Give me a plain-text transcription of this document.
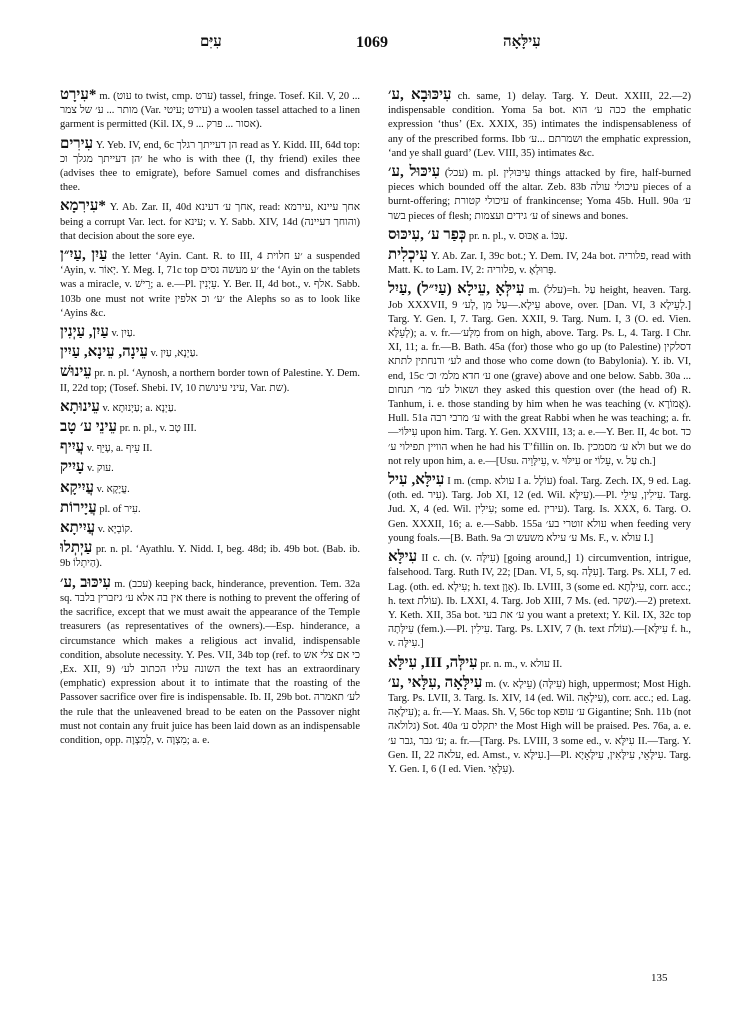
עִיִּם	1069	עִילָּאָה

*עִירָט m. (עוט to twist, cmp. ערט) tassel, fringe. Tosef. Kil. V, 20 ... מותר ... ע׳ של צמר (Var. עירט ;עיטי) a woolen tassel attached to a linen garment is permitted (Kil. IX, 9 ... אסור ... פרק).

עִירִים Y. Yeb. IV, end, 6c הן דעייתך רגלך read as Y. Kidd. III, 64d top: ׳הן דעייתך מגלך וכ he who is with thee (I, thy friend) exiles thee (advises thee to emigrate), before Samuel comes and disfranchises thee.

*עִירִמָא Y. Ab. Zar. II, 40d אחך ע׳ דעינא, read: אחך עיינא ,עירמא being a corrupt Var. lect. for עינא; v. Y. Sabb. XIV, 14d (והוחך דעיינה) that decision about the sore eye.

עַיִן ,עַיִ״ן the letter ‘Ayin. Cant. R. to III, 4 ׳ע חלוית a suspended ‘Ayin, v. יְאוֹר. Y. Meg. I, 71c top ׳ע מעשה נסים the ‘Ayin on the tablets was a miracle, v. רֵישׁ; a. e.—Pl. עֵיְנִין. Y. Ber. II, 4d bot., v. אלף. Sabb. 103b one must not write ׳ע׳ וכ אלפין the Alephs so as to look like ‘Ayins &c.

עַיִן, עַיְנִין v. עַיִן.

עֵינָה, עֵינָא, עַיִין v. עַיְנָא, עַיִן.

עֵינוּשׁ pr. n. pl. ‘Aynosh, a northern border town of Palestine. Y. Dem. II, 22d top; (Tosef. Shebi. IV, 10 עיני עינושת, Var. שת).

עֵינוּתָא v. עַיְנוּתָא; a. עַיְנָא.

עֵינֵי ע׳ טָב pr. n. pl., v. טָב III.

עֲיִיף v. עָיֵף, a. עֵיף II.

עָיִיק v. עוק.

עֲיִיקָא v. עֲיָקָא.

עֲיָירוֹת pl. of עִיר.

עֲיִיתָא v. קוֹבְיָא.

עַיְתְלוּ pr. n. pl. ‘Ayathlu. Y. Nidd. I, beg. 48d; ib. 49b bot. (Bab. ib. 9b הַיתְלוֹ).

עִיכּוּב ,ע׳ m. (עכב) keeping back, hinderance, prevention. Tem. 32a sq. אין בה אלא ע׳ גיזברין בלבד there is nothing to prevent the offering of the sacrifice, except that we must await the appearance of the Temple treasurers (as representatives of the owners).—Esp. hinderance, a circumstance which makes a religious act invalid, indispensable condition, absolute necessity. Y. Pes. VII, 34b top (ref. to כי אם צלי אש ,Ex. XII, 9) השונה עליו הכתוב לע׳ the text has an extraordinary (emphatic) expression about it to intimate that the roasting of the Passover sacrifice over fire is indispensable. Ib. II, 29b bot. לע׳ תאמרה the rule that the unleavened bread to be eaten on the Passover night must not contain any fruit juice has been laid down as an indispensable condition, opp. לְמִצְוָה, v. מִצְוָה; a. e.

עִיכּוּבָא ,ע׳ ch. same, 1) delay. Targ. Y. Deut. XXIII, 22.—2) indispensable condition. Yoma 5a bot. ככה ע׳ הוא the emphatic expression ‘thus’ (Ex. XXIX, 35) intimates the indispensableness of any of the prescribed forms. Ibb ושמרתם ...ע׳ the emphatic expression, ‘and ye shall guard’ (Lev. VIII, 35) intimates &c.

עִיכּוּל ,ע׳ (עכל) m. pl. עִיכּוּלִין things attacked by fire, half-burned pieces which bounded off the altar. Zeb. 83b עיכולי עולה pieces of a burnt-offering; עיכולי קטורת of frankincense; Yoma 45b. Hull. 90a ע׳ בשר pieces of flesh; ע׳ גידים ועצמות of sinews and bones.

כְּפַר ע׳ ,עִיכּוּס pr. n. pl., v. אַכּוּס a. עַכּוֹ.

עִיכְלִית Y. Ab. Zar. I, 39c bot.; Y. Dem. IV, 24a bot. פלוריה, read with Matt. K. to Lam. IV, 2: פלוריה, v. פְּרוּלְאָ.

עִילְּאָ ,עֵילָא (עַיִ״ל) ,עַיִל m. (עלל)=h. עַל height, heaven. Targ. Job XXXVII, 9 עֵילָא.—עַל מִן ,לְע׳ above, over. [Dan. VI, 3 לְעֵילָא.] Targ. Y. Gen. I, 7. Targ. Gen. XXII, 9. Targ. Num. I, 3 (O. ed. Vien. לְעֵלָּא); a. v. fr.—מִלְּע׳ from on high, above. Targ. Ps. L, 4. Targ. I Chr. XI, 11; a. fr.—B. Bath. 45a (for) those who go up (to Palestine) דסלקין לע׳ ודנחתין לתתא and those who come down (to Babylonia). Y. ib. VI, end, 15c ע׳ חדא מלמ׳ וכ׳ one (grave) above and one below. Sabb. 30a ... ושאול לע׳ מר׳ תנחום they asked this question over (the head of) R. Tanhum, i. e. those standing by him when he was teaching (v. אֲמוֹרָא). Hull. 51a ע׳ מרבי רבה with the great Rabbi when he was teaching; a. fr.—עִילּוֹי upon him. Targ. Y. Gen. XXVIII, 13; a. e.—Y. Ber. II, 4c bot. כד הוויין תפילוי ע׳ when he had his T’fillin on. Ib. ולא ע׳ מסמכין but we do not rely upon him, a. e.—[Usu. עֵילָּוֵיה, v. עִילּוּי or עֵלוֹי, v. עַל ch.]

עִילָּא, עִיל I m. (cmp. עולא I a. עוֹלָל) foal. Targ. Zech. IX, 9 ed. Lag. (oth. ed. עִיר). Targ. Job XI, 12 (ed. Wil. עִילָּא).—Pl. עִילִין, עִילֵי. Targ. Jud. X, 4 (ed. Wil. עִילִין; some ed. עירין). Targ. Is. XXX, 6. Targ. O. Gen. XXXII, 16; a. e.—Sabb. 155a עולא זוטרי בע׳ when feeding very young foals.—[B. Bath. 9a ע׳ עילא משעש וכ׳ Ms. F., v. עולא I.]

עִילָּא II c. ch. (v. עִילָּה) [going around,] 1) circumvention, intrigue, falsehood. Targ. Ruth IV, 22; [Dan. VI, 5, sq. עִלָּה]. Targ. Ps. XLI, 7 ed. Lag. (oth. ed. עִילָא; h. text אָוֶן). Ib. LVIII, 3 (some ed. עִילְתָא, corr. acc.; h. text עוֹלֹת). Ib. LXXI, 4. Targ. Job XIII, 7 Ms. (ed. שקר).—2) pretext. Y. Keth. XII, 35a bot. ע׳ את בעי you want a pretext; Y. Kil. IX, 32c top עִילְּתָה (fem.).—Pl. עִילִין. Targ. Ps. LXIV, 7 (h. text עוֹלֹת).—[עִילָּא f. h., v. עִילָּה.]

עִילְּה, III, עִילָּא pr. n. m., v. עולא II.

עִילָּאָה ,עִלָּאי ,ע׳ m. (v. עֵילָא) (עִילָּה) high, uppermost; Most High. Targ. Ps. LVII, 3. Targ. Is. XIV, 14 (ed. Wil. עִילָאָה), corr. acc.; ed. Lag. עִילָאָה); a. fr.—Y. Maas. Sh. V, 56c top ע׳ עופא Gigantine; Snh. 11b (not גלולאה) Sot. 40a יתקלס ע׳ the Most High will be praised. Pes. 76a, a. e. ע׳ גבר ,גבר ע׳; a. fr.—[Targ. Ps. LVIII, 3 some ed., v. עִילָּא II.—Targ. Y. Gen. II, 22 עלאה, ed. Amst., v. עִילָּא.]—Pl. עִילָּאֵי, עִילָּאִין, עִילָּאָיָא. Targ. Y. Gen. I, 6 (I ed. Vien. עִלָּאֵי).

135
